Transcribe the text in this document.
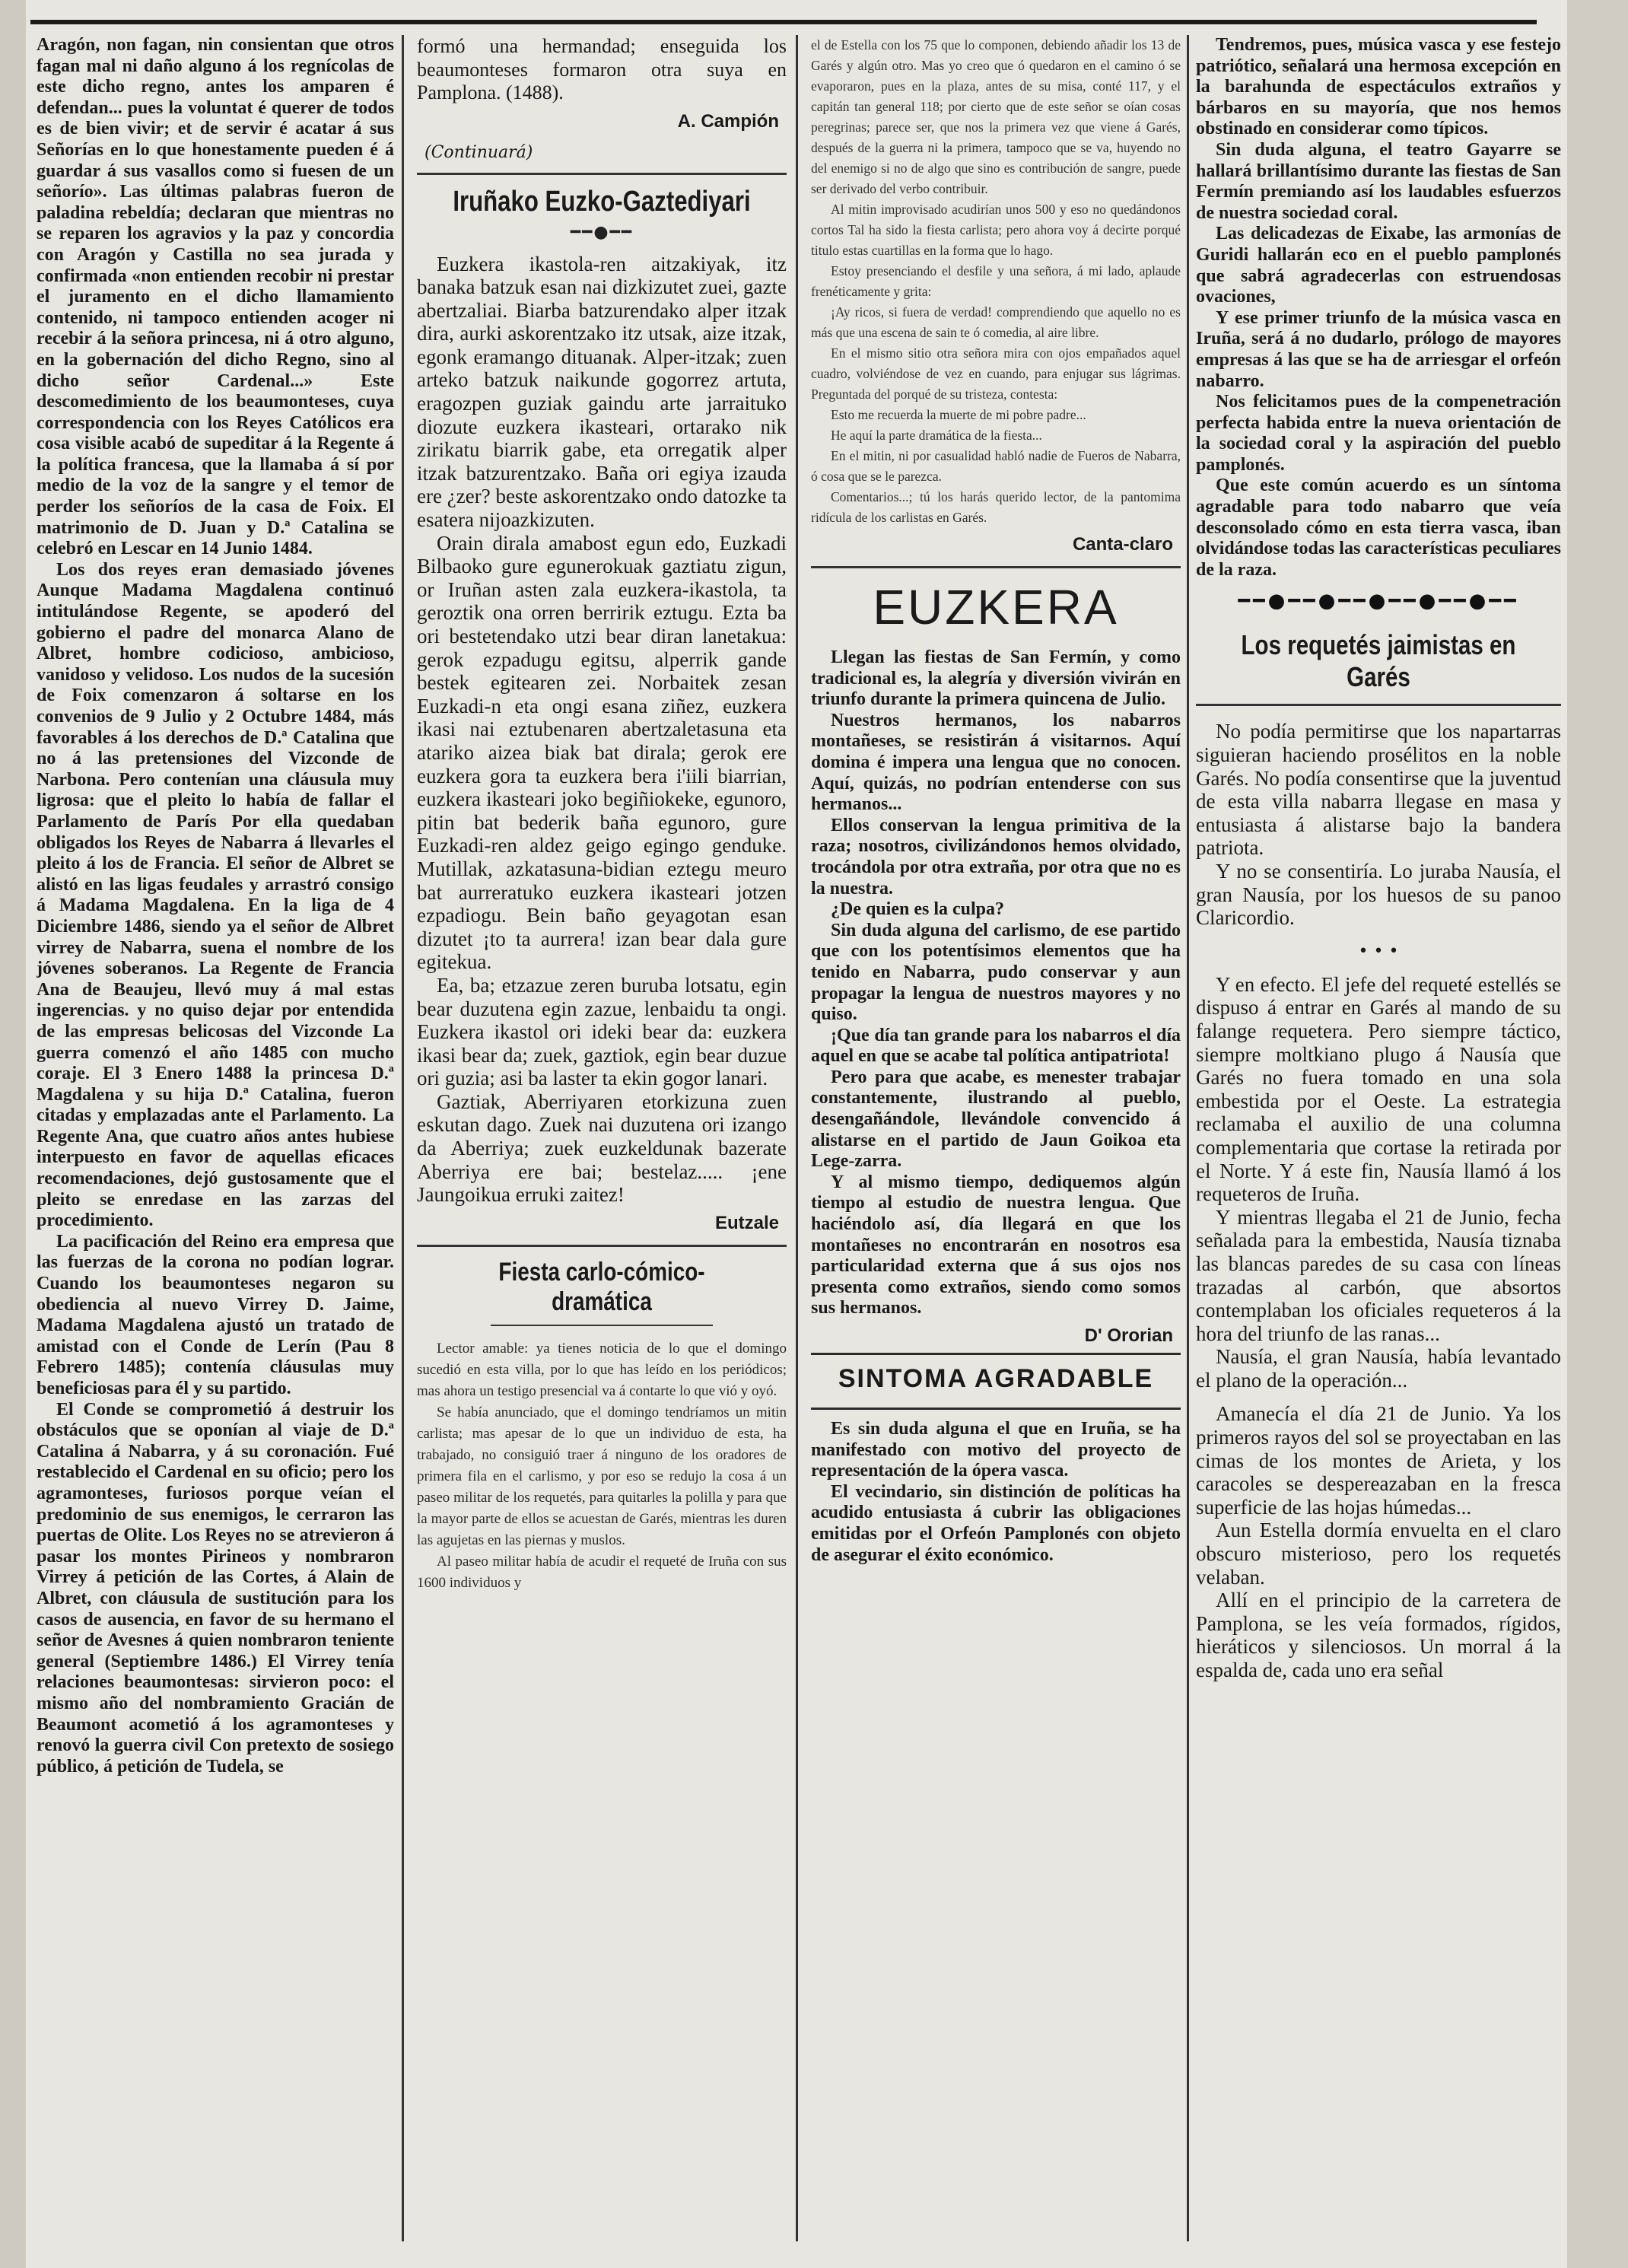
Aragón, non fagan, nin consientan que otros fagan mal ni daño alguno á los regnícolas de este dicho regno, antes los amparen é defendan... pues la voluntat é querer de todos es de bien vivir; et de servir é acatar á sus Señorías en lo que honestamente pueden é á guardar á sus vasallos como si fuesen de un señorío». Las últimas palabras fueron de paladina rebeldía; declaran que mientras no se reparen los agravios y la paz y concordia con Aragón y Castilla no sea jurada y confirmada «non entienden recobir ni prestar el juramento en el dicho llamamiento contenido, ni tampoco entienden acoger ni recebir á la señora princesa, ni á otro alguno, en la gobernación del dicho Regno, sino al dicho señor Cardenal...» Este descomedimiento de los beaumonteses, cuya correspondencia con los Reyes Católicos era cosa visible acabó de supeditar á la Regente á la política francesa, que la llamaba á sí por medio de la voz de la sangre y el temor de perder los señoríos de la casa de Foix. El matrimonio de D. Juan y D.ª Catalina se celebró en Lescar en 14 Junio 1484.

Los dos reyes eran demasiado jóvenes Aunque Madama Magdalena continuó intitulándose Regente, se apoderó del gobierno el padre del monarca Alano de Albret, hombre codicioso, ambicioso, vanidoso y velidoso. Los nudos de la sucesión de Foix comenzaron á soltarse en los convenios de 9 Julio y 2 Octubre 1484, más favorables á los derechos de D.ª Catalina que no á las pretensiones del Vizconde de Narbona. Pero contenían una cláusula muy ligrosa: que el pleito lo había de fallar el Parlamento de París Por ella quedaban obligados los Reyes de Nabarra á llevarles el pleito á los de Francia. El señor de Albret se alistó en las ligas feudales y arrastró consigo á Madama Magdalena. En la liga de 4 Diciembre 1486, siendo ya el señor de Albret virrey de Nabarra, suena el nombre de los jóvenes soberanos. La Regente de Francia Ana de Beaujeu, llevó muy á mal estas ingerencias. y no quiso dejar por entendida de las empresas belicosas del Vizconde La guerra comenzó el año 1485 con mucho coraje. El 3 Enero 1488 la princesa D.ª Magdalena y su hija D.ª Catalina, fueron citadas y emplazadas ante el Parlamento. La Regente Ana, que cuatro años antes hubiese interpuesto en favor de aquellas eficaces recomendaciones, dejó gustosamente que el pleito se enredase en las zarzas del procedimiento.

La pacificación del Reino era empresa que las fuerzas de la corona no podían lograr. Cuando los beaumonteses negaron su obediencia al nuevo Virrey D. Jaime, Madama Magdalena ajustó un tratado de amistad con el Conde de Lerín (Pau 8 Febrero 1485); contenía cláusulas muy beneficiosas para él y su partido.

El Conde se comprometió á destruir los obstáculos que se oponían al viaje de D.ª Catalina á Nabarra, y á su coronación. Fué restablecido el Cardenal en su oficio; pero los agramonteses, furiosos porque veían el predominio de sus enemigos, le cerraron las puertas de Olite. Los Reyes no se atrevieron á pasar los montes Pirineos y nombraron Virrey á petición de las Cortes, á Alain de Albret, con cláusula de sustitución para los casos de ausencia, en favor de su hermano el señor de Avesnes á quien nombraron teniente general (Septiembre 1486.) El Virrey tenía relaciones beaumontesas: sirvieron poco: el mismo año del nombramiento Gracián de Beaumont acometió á los agramonteses y renovó la guerra civil Con pretexto de sosiego público, á petición de Tudela, se

formó una hermandad; enseguida los beaumonteses formaron otra suya en Pamplona. (1488).

A. Campión

(Continuará)

Iruñako Euzko-Gaztediyari

━━●━━

Euzkera ikastola-ren aitzakiyak, itz banaka batzuk esan nai dizkizutet zuei, gazte abertzaliai. Biarba batzurendako alper itzak dira, aurki askorentzako itz utsak, aize itzak, egonk eramango dituanak. Alper-itzak; zuen arteko batzuk naikunde gogorrez artuta, eragozpen guziak gaindu arte jarraituko diozute euzkera ikasteari, ortarako nik zirikatu biarrik gabe, eta orregatik alper itzak batzurentzako. Baña ori egiya izauda ere ¿zer? beste askorentzako ondo datozke ta esatera nijoazkizuten.

Orain dirala amabost egun edo, Euzkadi Bilbaoko gure egunerokuak gaztiatu zigun, or Iruñan asten zala euzkera-ikastola, ta geroztik ona orren berririk eztugu. Ezta ba ori bestetendako utzi bear diran lanetakua: gerok ezpadugu egitsu, alperrik gande bestek egitearen zei. Norbaitek zesan Euzkadi-n eta ongi esana ziñez, euzkera ikasi nai eztubenaren abertzaletasuna eta atariko aizea biak bat dirala; gerok ere euzkera gora ta euzkera bera i'iili biarrian, euzkera ikasteari joko begiñiokeke, egunoro, pitin bat bederik baña egunoro, gure Euzkadi-ren aldez geigo egingo genduke. Mutillak, azkatasuna-bidian eztegu meuro bat aurreratuko euzkera ikasteari jotzen ezpadiogu. Bein baño geyagotan esan dizutet ¡to ta aurrera! izan bear dala gure egitekua.

Ea, ba; etzazue zeren buruba lotsatu, egin bear duzutena egin zazue, lenbaidu ta ongi. Euzkera ikastol ori ideki bear da: euzkera ikasi bear da; zuek, gaztiok, egin bear duzue ori guzia; asi ba laster ta ekin gogor lanari.

Gaztiak, Aberriyaren etorkizuna zuen eskutan dago. Zuek nai duzutena ori izango da Aberriya; zuek euzkeldunak bazerate Aberriya ere bai; bestelaz..... ¡ene Jaungoikua erruki zaitez!

Eutzale

Fiesta carlo-cómico-dramática

Lector amable: ya tienes noticia de lo que el domingo sucedió en esta villa, por lo que has leído en los periódicos; mas ahora un testigo presencial va á contarte lo que vió y oyó.

Se había anunciado, que el domingo tendríamos un mitin carlista; mas apesar de lo que un individuo de esta, ha trabajado, no consiguió traer á ninguno de los oradores de primera fila en el carlismo, y por eso se redujo la cosa á un paseo militar de los requetés, para quitarles la polilla y para que la mayor parte de ellos se acuestan de Garés, mientras les duren las agujetas en las piernas y muslos.

Al paseo militar había de acudir el requeté de Iruña con sus 1600 individuos y

el de Estella con los 75 que lo componen, debiendo añadir los 13 de Garés y algún otro. Mas yo creo que ó quedaron en el camino ó se evaporaron, pues en la plaza, antes de su misa, conté 117, y el capitán tan general 118; por cierto que de este señor se oían cosas peregrinas; parece ser, que nos la primera vez que viene á Garés, después de la guerra ni la primera, tampoco que se va, huyendo no del enemigo si no de algo que sino es contribución de sangre, puede ser derivado del verbo contribuir.

Al mitin improvisado acudirían unos 500 y eso no quedándonos cortos Tal ha sido la fiesta carlista; pero ahora voy á decirte porqué titulo estas cuartillas en la forma que lo hago.

Estoy presenciando el desfile y una señora, á mi lado, aplaude frenéticamente y grita:

¡Ay ricos, si fuera de verdad! comprendiendo que aquello no es más que una escena de sain te ó comedia, al aire libre.

En el mismo sitio otra señora mira con ojos empañados aquel cuadro, volviéndose de vez en cuando, para enjugar sus lágrimas. Preguntada del porqué de su tristeza, contesta:

Esto me recuerda la muerte de mi pobre padre...

He aquí la parte dramática de la fiesta...

En el mitin, ni por casualidad habló nadie de Fueros de Nabarra, ó cosa que se le parezca.

Comentarios...; tú los harás querido lector, de la pantomima ridícula de los carlistas en Garés.

Canta-claro

EUZKERA

Llegan las fiestas de San Fermín, y como tradicional es, la alegría y diversión vivirán en triunfo durante la primera quincena de Julio.

Nuestros hermanos, los nabarros montañeses, se resistirán á visitarnos. Aquí domina é impera una lengua que no conocen. Aquí, quizás, no podrían entenderse con sus hermanos...

Ellos conservan la lengua primitiva de la raza; nosotros, civilizándonos hemos olvidado, trocándola por otra extraña, por otra que no es la nuestra.

¿De quien es la culpa?

Sin duda alguna del carlismo, de ese partido que con los potentísimos elementos que ha tenido en Nabarra, pudo conservar y aun propagar la lengua de nuestros mayores y no quiso.

¡Que día tan grande para los nabarros el día aquel en que se acabe tal política antipatriota!

Pero para que acabe, es menester trabajar constantemente, ilustrando al pueblo, desengañándole, llevándole convencido á alistarse en el partido de Jaun Goikoa eta Lege-zarra.

Y al mismo tiempo, dediquemos algún tiempo al estudio de nuestra lengua. Que haciéndolo así, día llegará en que los montañeses no encontrarán en nosotros esa particularidad externa que á sus ojos nos presenta como extraños, siendo como somos sus hermanos.

D' Ororian

SINTOMA AGRADABLE

Es sin duda alguna el que en Iruña, se ha manifestado con motivo del proyecto de representación de la ópera vasca.

El vecindario, sin distinción de políticas ha acudido entusiasta á cubrir las obligaciones emitidas por el Orfeón Pamplonés con objeto de asegurar el éxito económico.

Tendremos, pues, música vasca y ese festejo patriótico, señalará una hermosa excepción en la barahunda de espectáculos extraños y bárbaros en su mayoría, que nos hemos obstinado en considerar como típicos.

Sin duda alguna, el teatro Gayarre se hallará brillantísimo durante las fiestas de San Fermín premiando así los laudables esfuerzos de nuestra sociedad coral.

Las delicadezas de Eixabe, las armonías de Guridi hallarán eco en el pueblo pamplonés que sabrá agradecerlas con estruendosas ovaciones,

Y ese primer triunfo de la música vasca en Iruña, será á no dudarlo, prólogo de mayores empresas á las que se ha de arriesgar el orfeón nabarro.

Nos felicitamos pues de la compenetración perfecta habida entre la nueva orientación de la sociedad coral y la aspiración del pueblo pamplonés.

Que este común acuerdo es un síntoma agradable para todo nabarro que veía desconsolado cómo en esta tierra vasca, iban olvidándose todas las características peculiares de la raza.

━━●━━●━━●━━●━━●━━

Los requetés jaimistas en Garés

No podía permitirse que los napartarras siguieran haciendo prosélitos en la noble Garés. No podía consentirse que la juventud de esta villa nabarra llegase en masa y entusiasta á alistarse bajo la bandera patriota.

Y no se consentiría. Lo juraba Nausía, el gran Nausía, por los huesos de su panoo Claricordio.

• • •

Y en efecto. El jefe del requeté estellés se dispuso á entrar en Garés al mando de su falange requetera. Pero siempre táctico, siempre moltkiano plugo á Nausía que Garés no fuera tomado en una sola embestida por el Oeste. La estrategia reclamaba el auxilio de una columna complementaria que cortase la retirada por el Norte. Y á este fin, Nausía llamó á los requeteros de Iruña.

Y mientras llegaba el 21 de Junio, fecha señalada para la embestida, Nausía tiznaba las blancas paredes de su casa con líneas trazadas al carbón, que absortos contemplaban los oficiales requeteros á la hora del triunfo de las ranas...

Nausía, el gran Nausía, había levantado el plano de la operación...

Amanecía el día 21 de Junio. Ya los primeros rayos del sol se proyectaban en las cimas de los montes de Arieta, y los caracoles se despereazaban en la fresca superficie de las hojas húmedas...

Aun Estella dormía envuelta en el claro obscuro misterioso, pero los requetés velaban.

Allí en el principio de la carretera de Pamplona, se les veía formados, rígidos, hieráticos y silenciosos. Un morral á la espalda de, cada uno era señal
